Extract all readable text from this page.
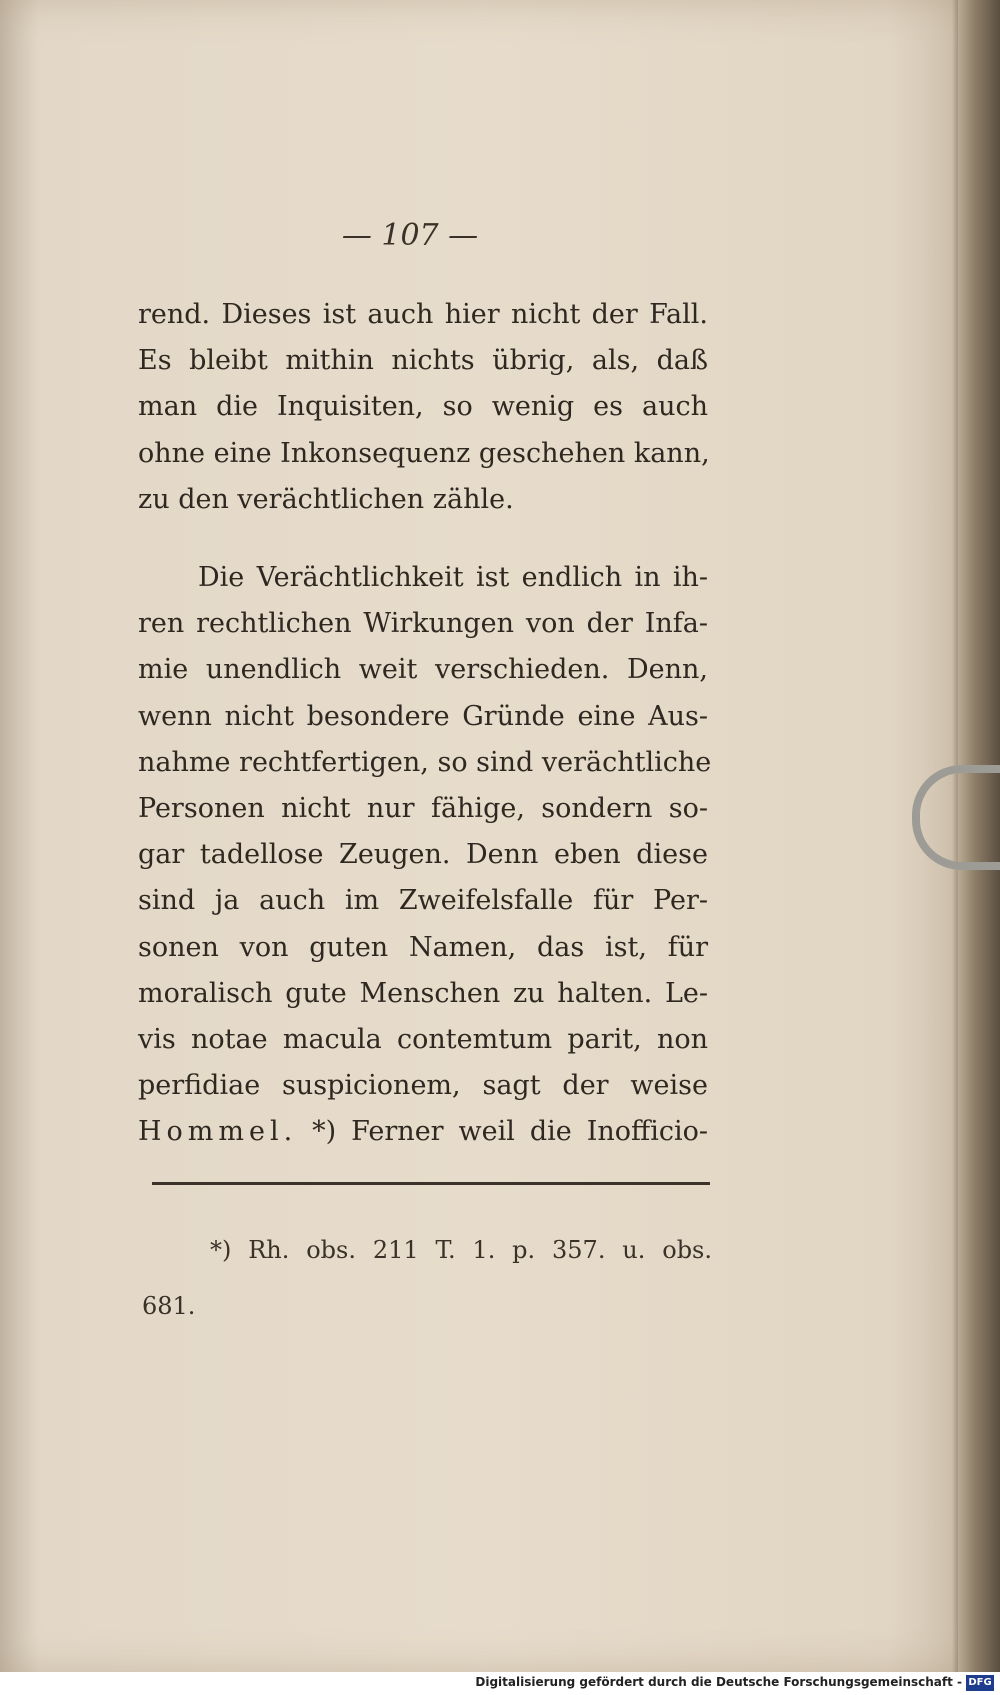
— 107 —
rend. Dieses ist auch hier nicht der Fall.
Es bleibt mithin nichts übrig, als, daß
man die Inquisiten, so wenig es auch
ohne eine Inkonsequenz geschehen kann,
zu den verächtlichen zähle.
Die Verächtlichkeit ist endlich in ih-
ren rechtlichen Wirkungen von der Infa-
mie unendlich weit verschieden. Denn,
wenn nicht besondere Gründe eine Aus-
nahme rechtfertigen, so sind verächtliche
Personen nicht nur fähige, sondern so-
gar tadellose Zeugen. Denn eben diese
sind ja auch im Zweifelsfalle für Per-
sonen von guten Namen, das ist, für
moralisch gute Menschen zu halten. Le-
vis notae macula contemtum parit, non
perfidiae suspicionem, sagt der weise
Hommel. *) Ferner weil die Inofficio-
*) Rh. obs. 211 T. 1. p. 357. u. obs.
681.
Digitalisierung gefördert durch die Deutsche Forschungsgemeinschaft - DFG
